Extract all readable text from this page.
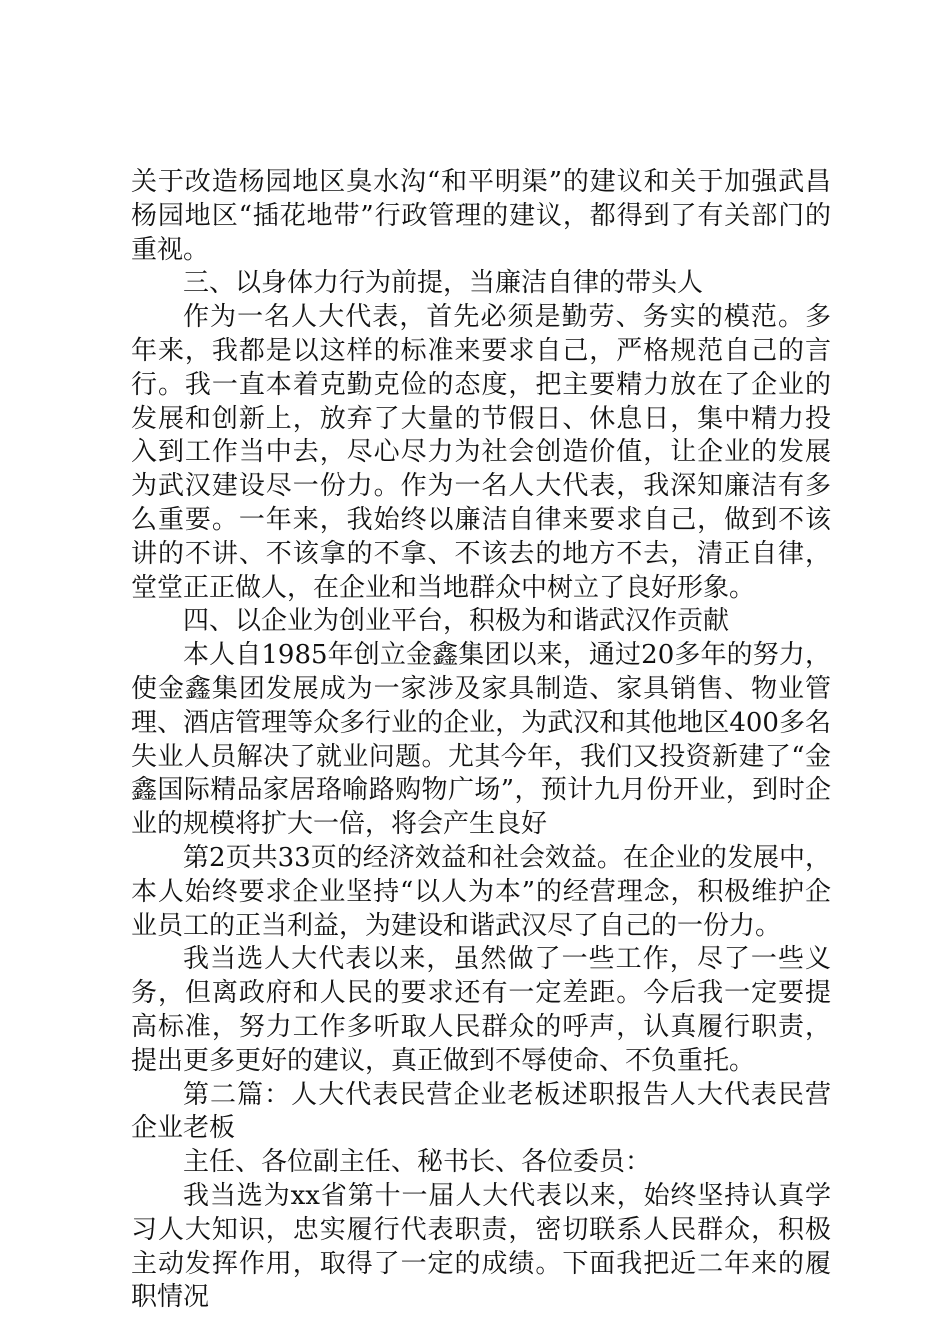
关于改造杨园地区臭水沟“和平明渠”的建议和关于加强武昌杨园地区“插花地带”行政管理的建议，都得到了有关部门的重视。

三、以身体力行为前提，当廉洁自律的带头人

作为一名人大代表，首先必须是勤劳、务实的模范。多年来，我都是以这样的标准来要求自己，严格规范自己的言行。我一直本着克勤克俭的态度，把主要精力放在了企业的发展和创新上，放弃了大量的节假日、休息日，集中精力投入到工作当中去，尽心尽力为社会创造价值，让企业的发展为武汉建设尽一份力。作为一名人大代表，我深知廉洁有多么重要。一年来，我始终以廉洁自律来要求自己，做到不该讲的不讲、不该拿的不拿、不该去的地方不去，清正自律，堂堂正正做人，在企业和当地群众中树立了良好形象。

四、以企业为创业平台，积极为和谐武汉作贡献

本人自1985年创立金鑫集团以来，通过20多年的努力，使金鑫集团发展成为一家涉及家具制造、家具销售、物业管理、酒店管理等众多行业的企业，为武汉和其他地区400多名失业人员解决了就业问题。尤其今年，我们又投资新建了“金鑫国际精品家居珞喻路购物广场”，预计九月份开业，到时企业的规模将扩大一倍，将会产生良好

第2页共33页的经济效益和社会效益。在企业的发展中，本人始终要求企业坚持“以人为本”的经营理念，积极维护企业员工的正当利益，为建设和谐武汉尽了自己的一份力。

我当选人大代表以来，虽然做了一些工作，尽了一些义务，但离政府和人民的要求还有一定差距。今后我一定要提高标准，努力工作多听取人民群众的呼声，认真履行职责，提出更多更好的建议，真正做到不辱使命、不负重托。

第二篇：人大代表民营企业老板述职报告人大代表民营企业老板

主任、各位副主任、秘书长、各位委员：

我当选为xx省第十一届人大代表以来，始终坚持认真学习人大知识，忠实履行代表职责，密切联系人民群众，积极主动发挥作用，取得了一定的成绩。下面我把近二年来的履职情况
